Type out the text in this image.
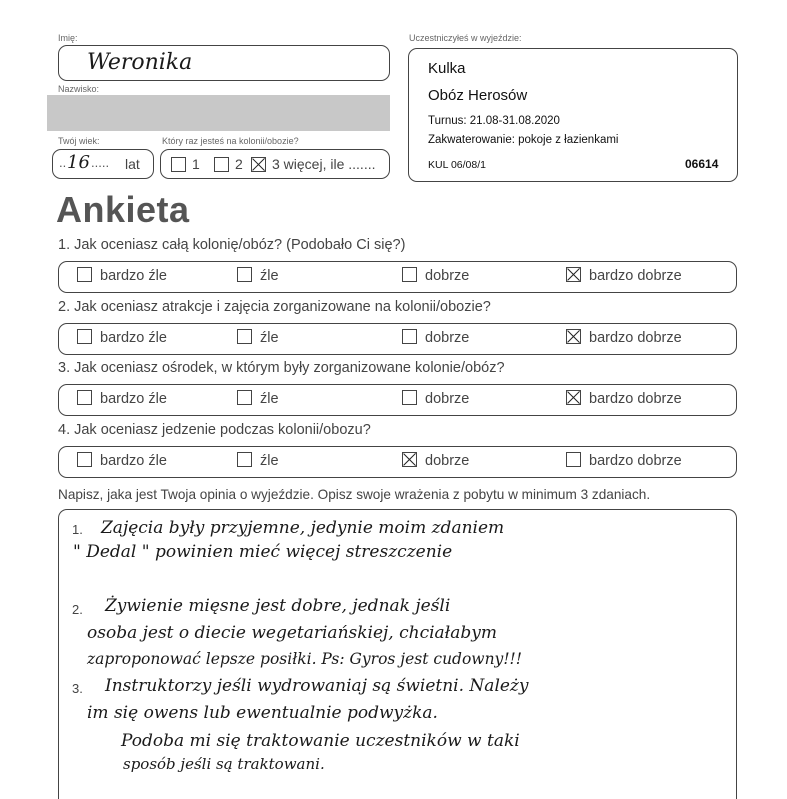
Imię:
Weronika
Nazwisko:
Twój wiek:
.. 16 ..... lat
Który raz jesteś na kolonii/obozie?
1	2 3 więcej, ile .......
Uczestniczyłeś w wyjeździe:
Kulka
Obóz Herosów
Turnus: 21.08-31.08.2020
Zakwaterowanie: pokoje z łazienkami
KUL 06/08/1	06614
Ankieta
1. Jak oceniasz całą kolonię/obóz? (Podobało Ci się?)
bardzo źle	źle	dobrze	bardzo dobrze
2. Jak oceniasz atrakcje i zajęcia zorganizowane na kolonii/obozie?
bardzo źle	źle	dobrze	bardzo dobrze
3. Jak oceniasz ośrodek, w którym były zorganizowane kolonie/obóz?
bardzo źle	źle	dobrze	bardzo dobrze
4. Jak oceniasz jedzenie podczas kolonii/obozu?
bardzo źle	źle	dobrze	bardzo dobrze
Napisz, jaka jest Twoja opinia o wyjeździe. Opisz swoje wrażenia z pobytu w minimum 3 zdaniach.
1.
2.
3.
Zajęcia były przyjemne, jedynie moim zdaniem
" Dedal " powinien mieć więcej streszczenie
Żywienie mięsne jest dobre, jednak jeśli
osoba jest o diecie wegetariańskiej, chciałabym
zaproponować lepsze posiłki. Ps: Gyros jest cudowny!!!
Instruktorzy jeśli wydrowaniaj są świetni. Należy
im się owens lub ewentualnie podwyżka.
Podoba mi się traktowanie uczestników w taki
sposób jeśli są traktowani.
